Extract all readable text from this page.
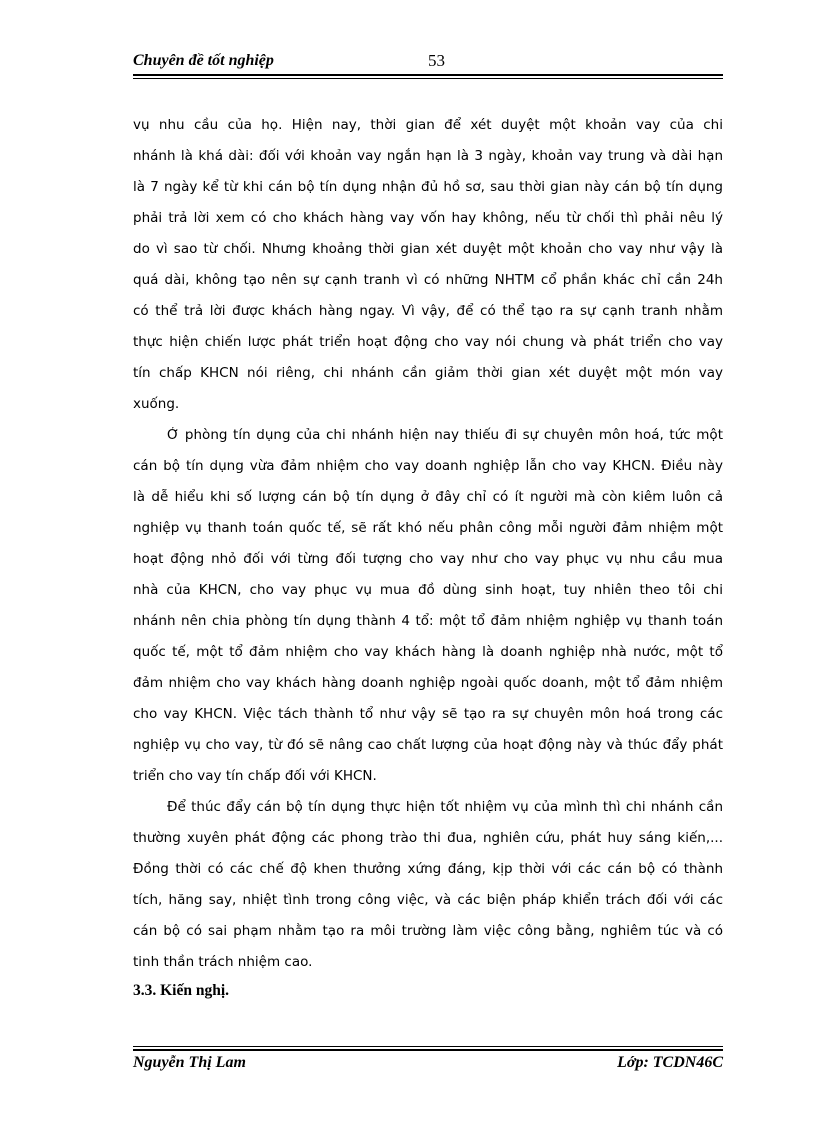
Chuyên đề tốt nghiệp	53
vụ nhu cầu của họ. Hiện nay, thời gian để xét duyệt một khoản vay của chi
nhánh là khá dài: đối với khoản vay ngắn hạn là 3 ngày, khoản vay trung và dài hạn
là 7 ngày kể từ khi cán bộ tín dụng nhận đủ hồ sơ, sau thời gian này cán bộ tín dụng
phải trả lời xem có cho khách hàng vay vốn hay không, nếu từ chối thì phải nêu lý
do vì sao từ chối. Nhưng khoảng thời gian xét duyệt một khoản cho vay như vậy là
quá dài, không tạo nên sự cạnh tranh vì có những NHTM cổ phần khác chỉ cần 24h
có thể trả lời được khách hàng ngay. Vì vậy, để có thể tạo ra sự cạnh tranh nhằm
thực hiện chiến lược phát triển hoạt động cho vay nói chung và phát triển cho vay
tín chấp KHCN nói riêng, chi nhánh cần giảm thời gian xét duyệt một món vay
xuống.
Ở phòng tín dụng của chi nhánh hiện nay thiếu đi sự chuyên môn hoá, tức một
cán bộ tín dụng vừa đảm nhiệm cho vay doanh nghiệp lẫn cho vay KHCN. Điều này
là dễ hiểu khi số lượng cán bộ tín dụng ở đây chỉ có ít người mà còn kiêm luôn cả
nghiệp vụ thanh toán quốc tế, sẽ rất khó nếu phân công mỗi người đảm nhiệm một
hoạt động nhỏ đối với từng đối tượng cho vay như cho vay phục vụ nhu cầu mua
nhà của KHCN, cho vay phục vụ mua đồ dùng sinh hoạt, tuy nhiên theo tôi chi
nhánh nên chia phòng tín dụng thành 4 tổ: một tổ đảm nhiệm nghiệp vụ thanh toán
quốc tế, một tổ đảm nhiệm cho vay khách hàng là doanh nghiệp nhà nước, một tổ
đảm nhiệm cho vay khách hàng doanh nghiệp ngoài quốc doanh, một tổ đảm nhiệm
cho vay KHCN. Việc tách thành tổ như vậy sẽ tạo ra sự chuyên môn hoá trong các
nghiệp vụ cho vay, từ đó sẽ nâng cao chất lượng của hoạt động này và thúc đẩy phát
triển cho vay tín chấp đối với KHCN.
Để thúc đẩy cán bộ tín dụng thực hiện tốt nhiệm vụ của mình thì chi nhánh cần
thường xuyên phát động các phong trào thi đua, nghiên cứu, phát huy sáng kiến,...
Đồng thời có các chế độ khen thưởng xứng đáng, kịp thời với các cán bộ có thành
tích, hăng say, nhiệt tình trong công việc, và các biện pháp khiển trách đối với các
cán bộ có sai phạm nhằm tạo ra môi trường làm việc công bằng, nghiêm túc và có
tinh thần trách nhiệm cao.
3.3. Kiến nghị.
Nguyễn Thị Lam	Lớp: TCDN46C
